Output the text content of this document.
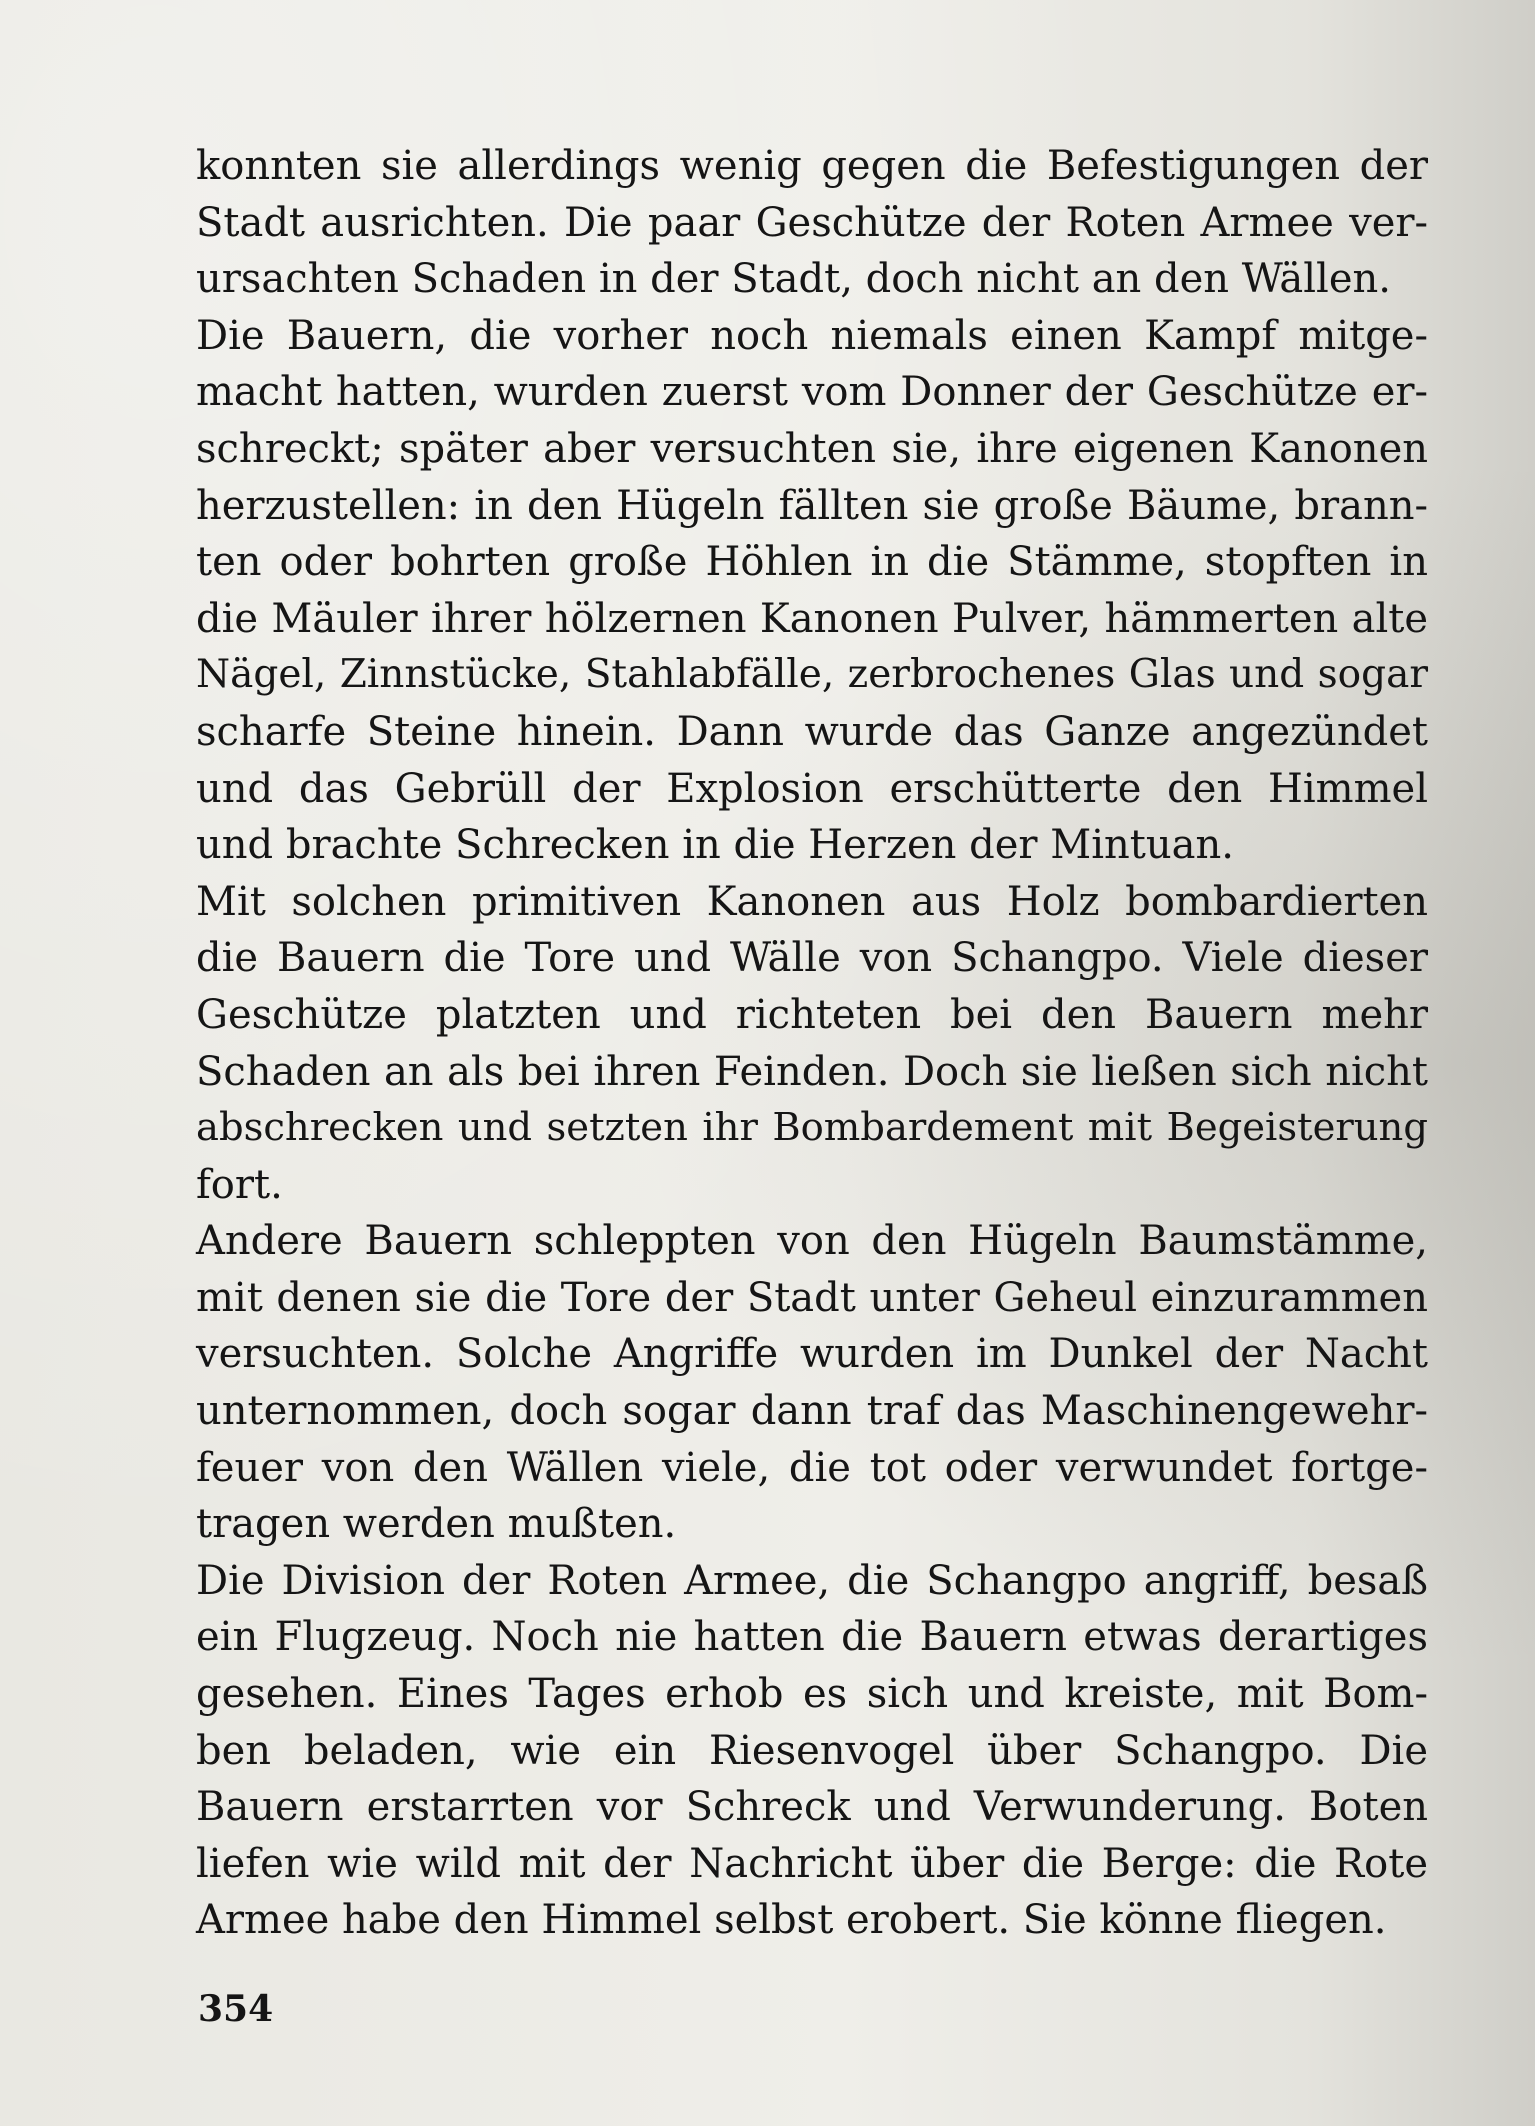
konnten sie allerdings wenig gegen die Befestigungen der
Stadt ausrichten. Die paar Geschütze der Roten Armee ver-
ursachten Schaden in der Stadt, doch nicht an den Wällen.
Die Bauern, die vorher noch niemals einen Kampf mitge-
macht hatten, wurden zuerst vom Donner der Geschütze er-
schreckt; später aber versuchten sie, ihre eigenen Kanonen
herzustellen: in den Hügeln fällten sie große Bäume, brann-
ten oder bohrten große Höhlen in die Stämme, stopften in
die Mäuler ihrer hölzernen Kanonen Pulver, hämmerten alte
Nägel, Zinnstücke, Stahlabfälle, zerbrochenes Glas und sogar
scharfe Steine hinein. Dann wurde das Ganze angezündet
und das Gebrüll der Explosion erschütterte den Himmel
und brachte Schrecken in die Herzen der Mintuan.
Mit solchen primitiven Kanonen aus Holz bombardierten
die Bauern die Tore und Wälle von Schangpo. Viele dieser
Geschütze platzten und richteten bei den Bauern mehr
Schaden an als bei ihren Feinden. Doch sie ließen sich nicht
abschrecken und setzten ihr Bombardement mit Begeisterung
fort.
Andere Bauern schleppten von den Hügeln Baumstämme,
mit denen sie die Tore der Stadt unter Geheul einzurammen
versuchten. Solche Angriffe wurden im Dunkel der Nacht
unternommen, doch sogar dann traf das Maschinengewehr-
feuer von den Wällen viele, die tot oder verwundet fortge-
tragen werden mußten.
Die Division der Roten Armee, die Schangpo angriff, besaß
ein Flugzeug. Noch nie hatten die Bauern etwas derartiges
gesehen. Eines Tages erhob es sich und kreiste, mit Bom-
ben beladen, wie ein Riesenvogel über Schangpo. Die
Bauern erstarrten vor Schreck und Verwunderung. Boten
liefen wie wild mit der Nachricht über die Berge: die Rote
Armee habe den Himmel selbst erobert. Sie könne fliegen.
354
